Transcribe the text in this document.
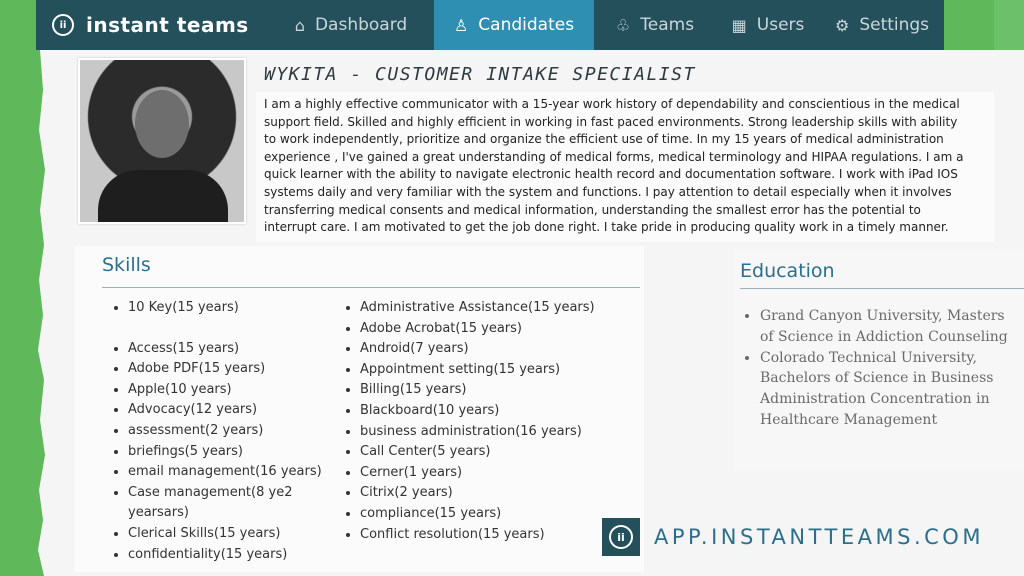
ii instant teams	⌂ Dashboard	♙ Candidates	♧ Teams ▦ Users ⚙ Settings
WYKITA - CUSTOMER INTAKE SPECIALIST

I am a highly effective communicator with a 15-year work history of dependability and conscientious in the medical support field. Skilled and highly efficient in working in fast paced environments. Strong leadership skills with ability to work independently, prioritize and organize the efficient use of time. In my 15 years of medical administration experience , I've gained a great understanding of medical forms, medical terminology and HIPAA regulations. I am a quick learner with the ability to navigate electronic health record and documentation software. I work with iPad IOS systems daily and very familiar with the system and functions. I pay attention to detail especially when it involves transferring medical consents and medical information, understanding the smallest error has the potential to interrupt care. I am motivated to get the job done right. I take pride in producing quality work in a timely manner.

Skills
• 10 Key(15 years)
• Access(15 years)
• Adobe PDF(15 years)
• Apple(10 years)
• Advocacy(12 years)
• assessment(2 years)
• briefings(5 years)
• email management(16 years)
• Case management(8 ye2 yearsars)
• Clerical Skills(15 years)
• confidentiality(15 years)
• Administrative Assistance(15 years)
• Adobe Acrobat(15 years)
• Android(7 years)
• Appointment setting(15 years)
• Billing(15 years)
• Blackboard(10 years)
• business administration(16 years)
• Call Center(5 years)
• Cerner(1 years)
• Citrix(2 years)
• compliance(15 years)
• Conflict resolution(15 years)
Education
• Grand Canyon University, Masters of Science in Addiction Counseling
• Colorado Technical University, Bachelors of Science in Business Administration Concentration in Healthcare Management
ii	APP.INSTANTTEAMS.COM
